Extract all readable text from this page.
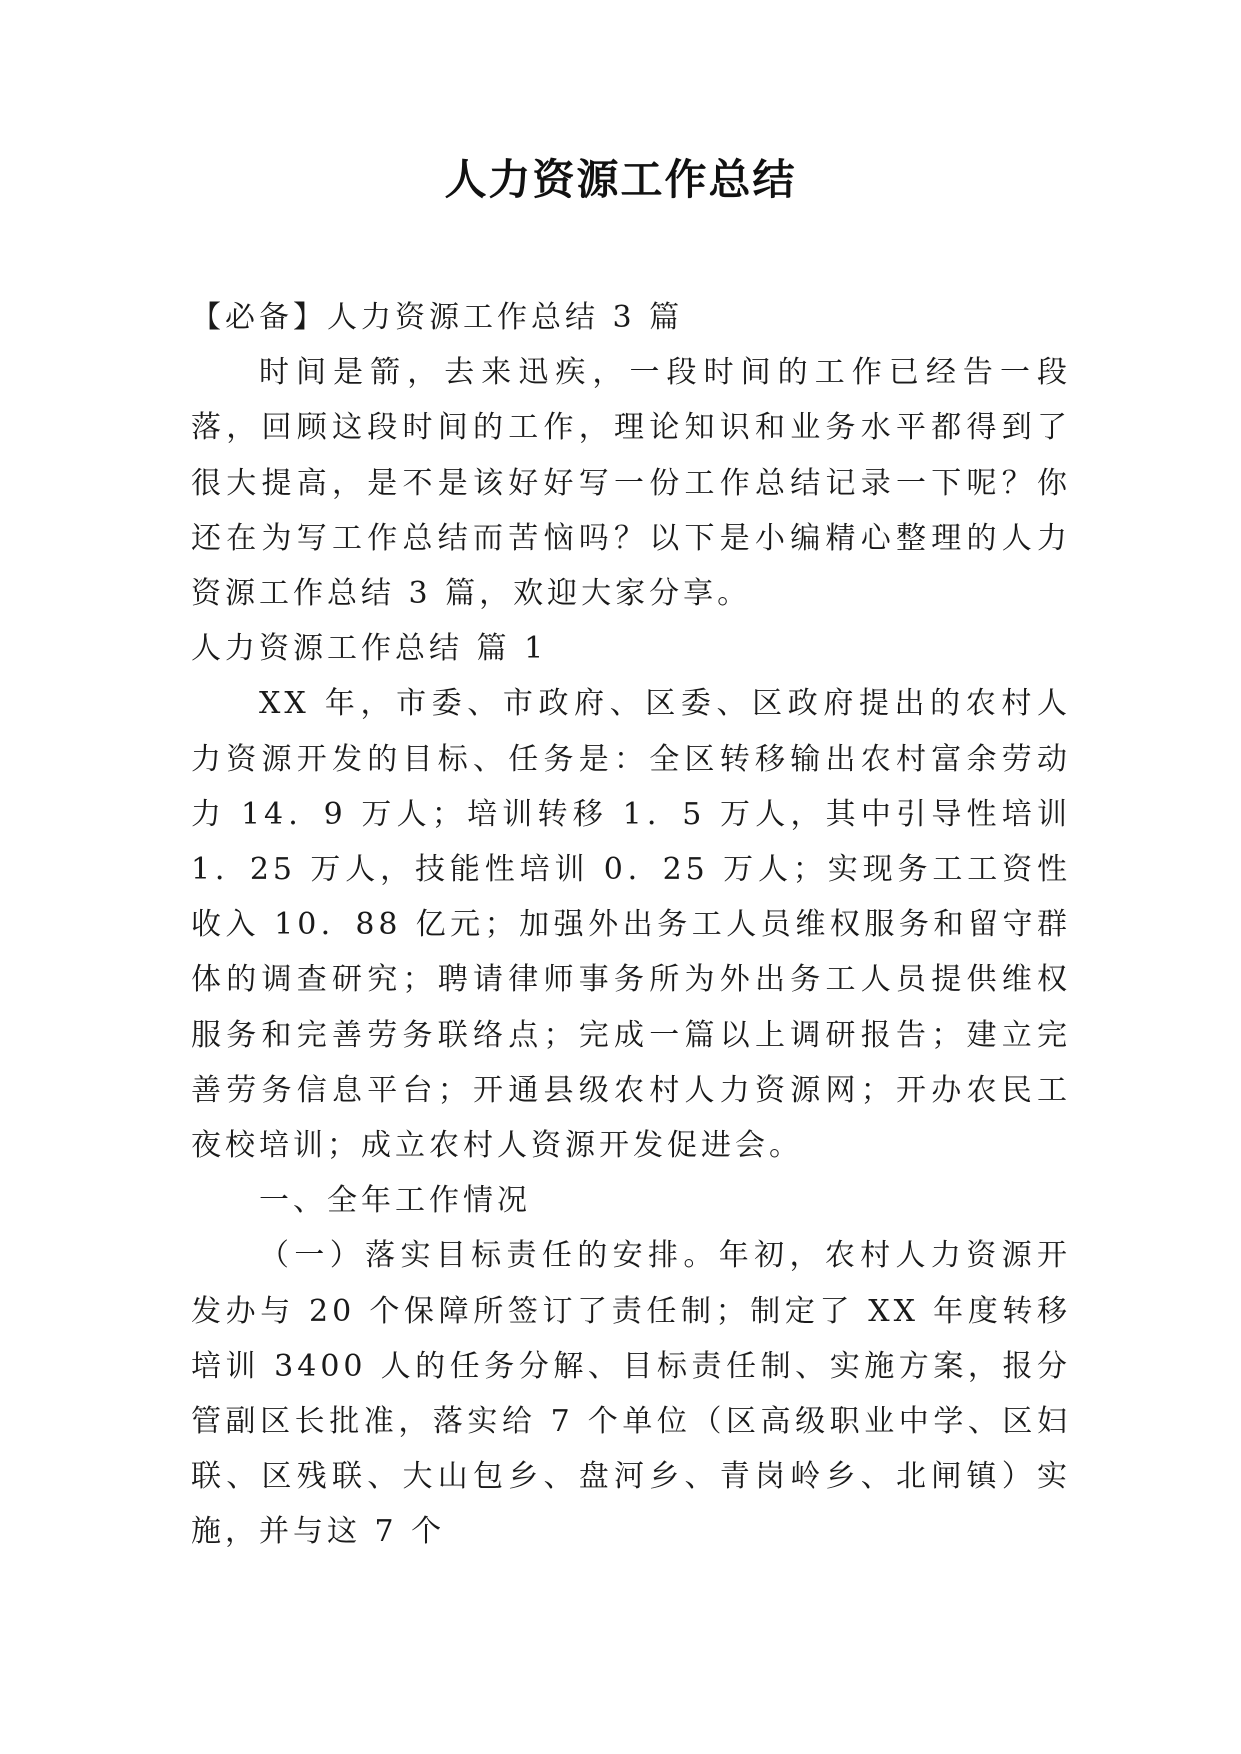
人力资源工作总结

【必备】人力资源工作总结 3 篇

时间是箭，去来迅疾，一段时间的工作已经告一段落，回顾这段时间的工作，理论知识和业务水平都得到了很大提高，是不是该好好写一份工作总结记录一下呢？你还在为写工作总结而苦恼吗？以下是小编精心整理的人力资源工作总结 3 篇，欢迎大家分享。

人力资源工作总结 篇 1

XX 年，市委、市政府、区委、区政府提出的农村人力资源开发的目标、任务是：全区转移输出农村富余劳动力 14．9 万人；培训转移 1．5 万人，其中引导性培训 1．25 万人，技能性培训 0．25 万人；实现务工工资性收入 10．88 亿元；加强外出务工人员维权服务和留守群体的调查研究；聘请律师事务所为外出务工人员提供维权服务和完善劳务联络点；完成一篇以上调研报告；建立完善劳务信息平台；开通县级农村人力资源网；开办农民工夜校培训；成立农村人资源开发促进会。

一、全年工作情况

（一）落实目标责任的安排。年初，农村人力资源开发办与 20 个保障所签订了责任制；制定了 XX 年度转移培训 3400 人的任务分解、目标责任制、实施方案，报分管副区长批准，落实给 7 个单位（区高级职业中学、区妇联、区残联、大山包乡、盘河乡、青岗岭乡、北闸镇）实施，并与这 7 个
